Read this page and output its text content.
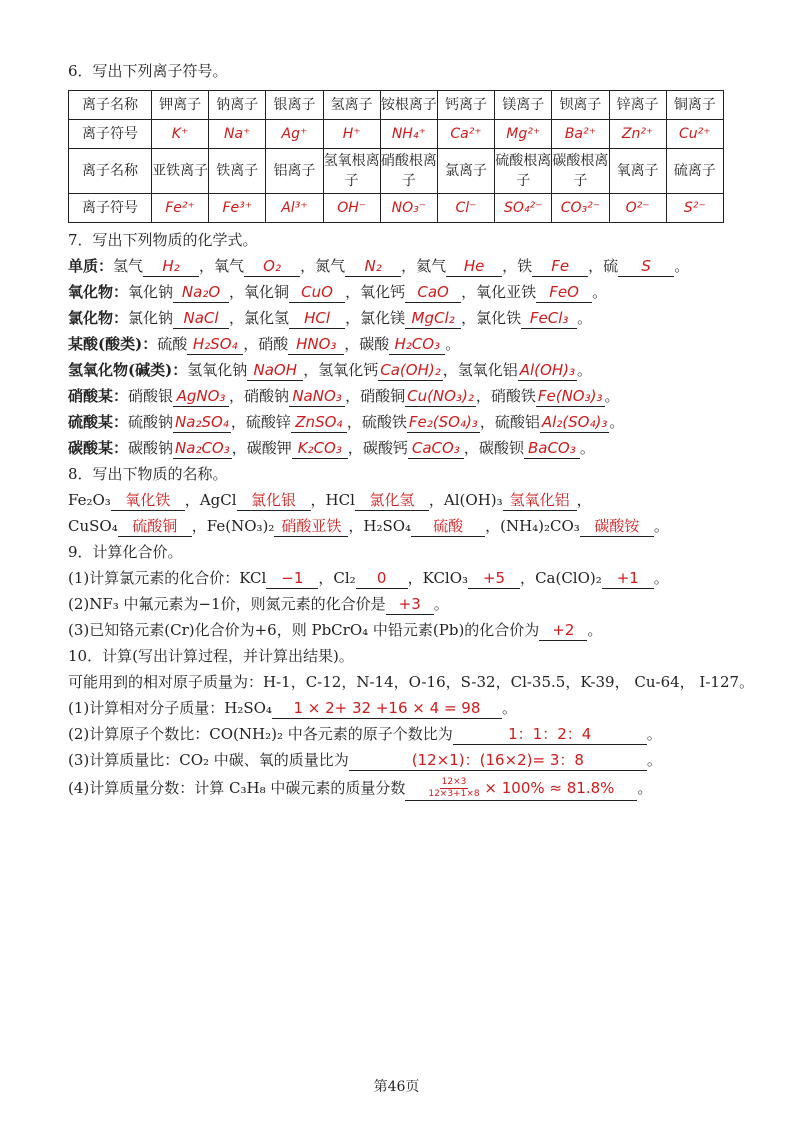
6．写出下列离子符号。
离子名称	钾离子	钠离子	银离子	氢离子	铵根离子	钙离子	镁离子	钡离子	锌离子	铜离子
离子符号	K⁺	Na⁺	Ag⁺	H⁺	NH₄⁺	Ca²⁺	Mg²⁺	Ba²⁺	Zn²⁺	Cu²⁺
离子名称	亚铁离子	铁离子	铝离子	氢氧根离子	硝酸根离子	氯离子	硫酸根离子	碳酸根离子	氧离子	硫离子
离子符号	Fe²⁺	Fe³⁺	Al³⁺	OH⁻	NO₃⁻	Cl⁻	SO₄²⁻	CO₃²⁻	O²⁻	S²⁻
7．写出下列物质的化学式。
单质：氢气 H₂ ，氧气 O₂ ，氮气 N₂ ，氦气 He ，铁 Fe ，硫 S 。
氧化物：氧化钠 Na₂O ，氧化铜 CuO ，氧化钙 CaO ，氧化亚铁 FeO 。
氯化物：氯化钠 NaCl ，氯化氢 HCl ，氯化镁 MgCl₂ ，氯化铁 FeCl₃ 。
某酸(酸类)：硫酸 H₂SO₄ ，硝酸 HNO₃ ，碳酸 H₂CO₃ 。
氢氧化物(碱类)：氢氧化钠 NaOH ，氢氧化钙 Ca(OH)₂ ，氢氧化铝 Al(OH)₃ 。
硝酸某：硝酸银 AgNO₃ ，硝酸钠 NaNO₃ ，硝酸铜 Cu(NO₃)₂ ，硝酸铁 Fe(NO₃)₃ 。
硫酸某：硫酸钠 Na₂SO₄ ，硫酸锌 ZnSO₄ ，硫酸铁 Fe₂(SO₄)₃ ，硫酸铝 Al₂(SO₄)₃ 。
碳酸某：碳酸钠 Na₂CO₃ ，碳酸钾 K₂CO₃ ，碳酸钙 CaCO₃ ，碳酸钡 BaCO₃ 。
8．写出下物质的名称。
Fe₂O₃ 氧化铁 ，AgCl 氯化银 ，HCl 氯化氢 ，Al(OH)₃ 氢氧化铝 ，
CuSO₄ 硫酸铜 ，Fe(NO₃)₂ 硝酸亚铁 ，H₂SO₄ 硫酸 ，(NH₄)₂CO₃ 碳酸铵 。
9．计算化合价。
(1)计算氯元素的化合价：KCl −1 ，Cl₂ 0 ，KClO₃ +5 ，Ca(ClO)₂ +1 。
(2)NF₃ 中氟元素为−1价，则氮元素的化合价是 +3 。
(3)已知铬元素(Cr)化合价为+6，则 PbCrO₄ 中铅元素(Pb)的化合价为 +2 。
10．计算(写出计算过程，并计算出结果)。
可能用到的相对原子质量为：H-1，C-12，N-14，O-16，S-32，Cl-35.5，K-39， Cu-64， I-127。
(1)计算相对分子质量：H₂SO₄ 1 × 2+ 32 +16 × 4 = 98 。
(2)计算原子个数比：CO(NH₂)₂ 中各元素的原子个数比为	1：1：2：4	。
(3)计算质量比：CO₂ 中碳、氧的质量比为	(12×1)：(16×2)= 3：8	。
(4)计算质量分数：计算 C₃H₈ 中碳元素的质量分数	$\frac{12\times 3}{12\times 3+1\times 8} \times 100\% \approx 81.8\%$ 。
第46页
